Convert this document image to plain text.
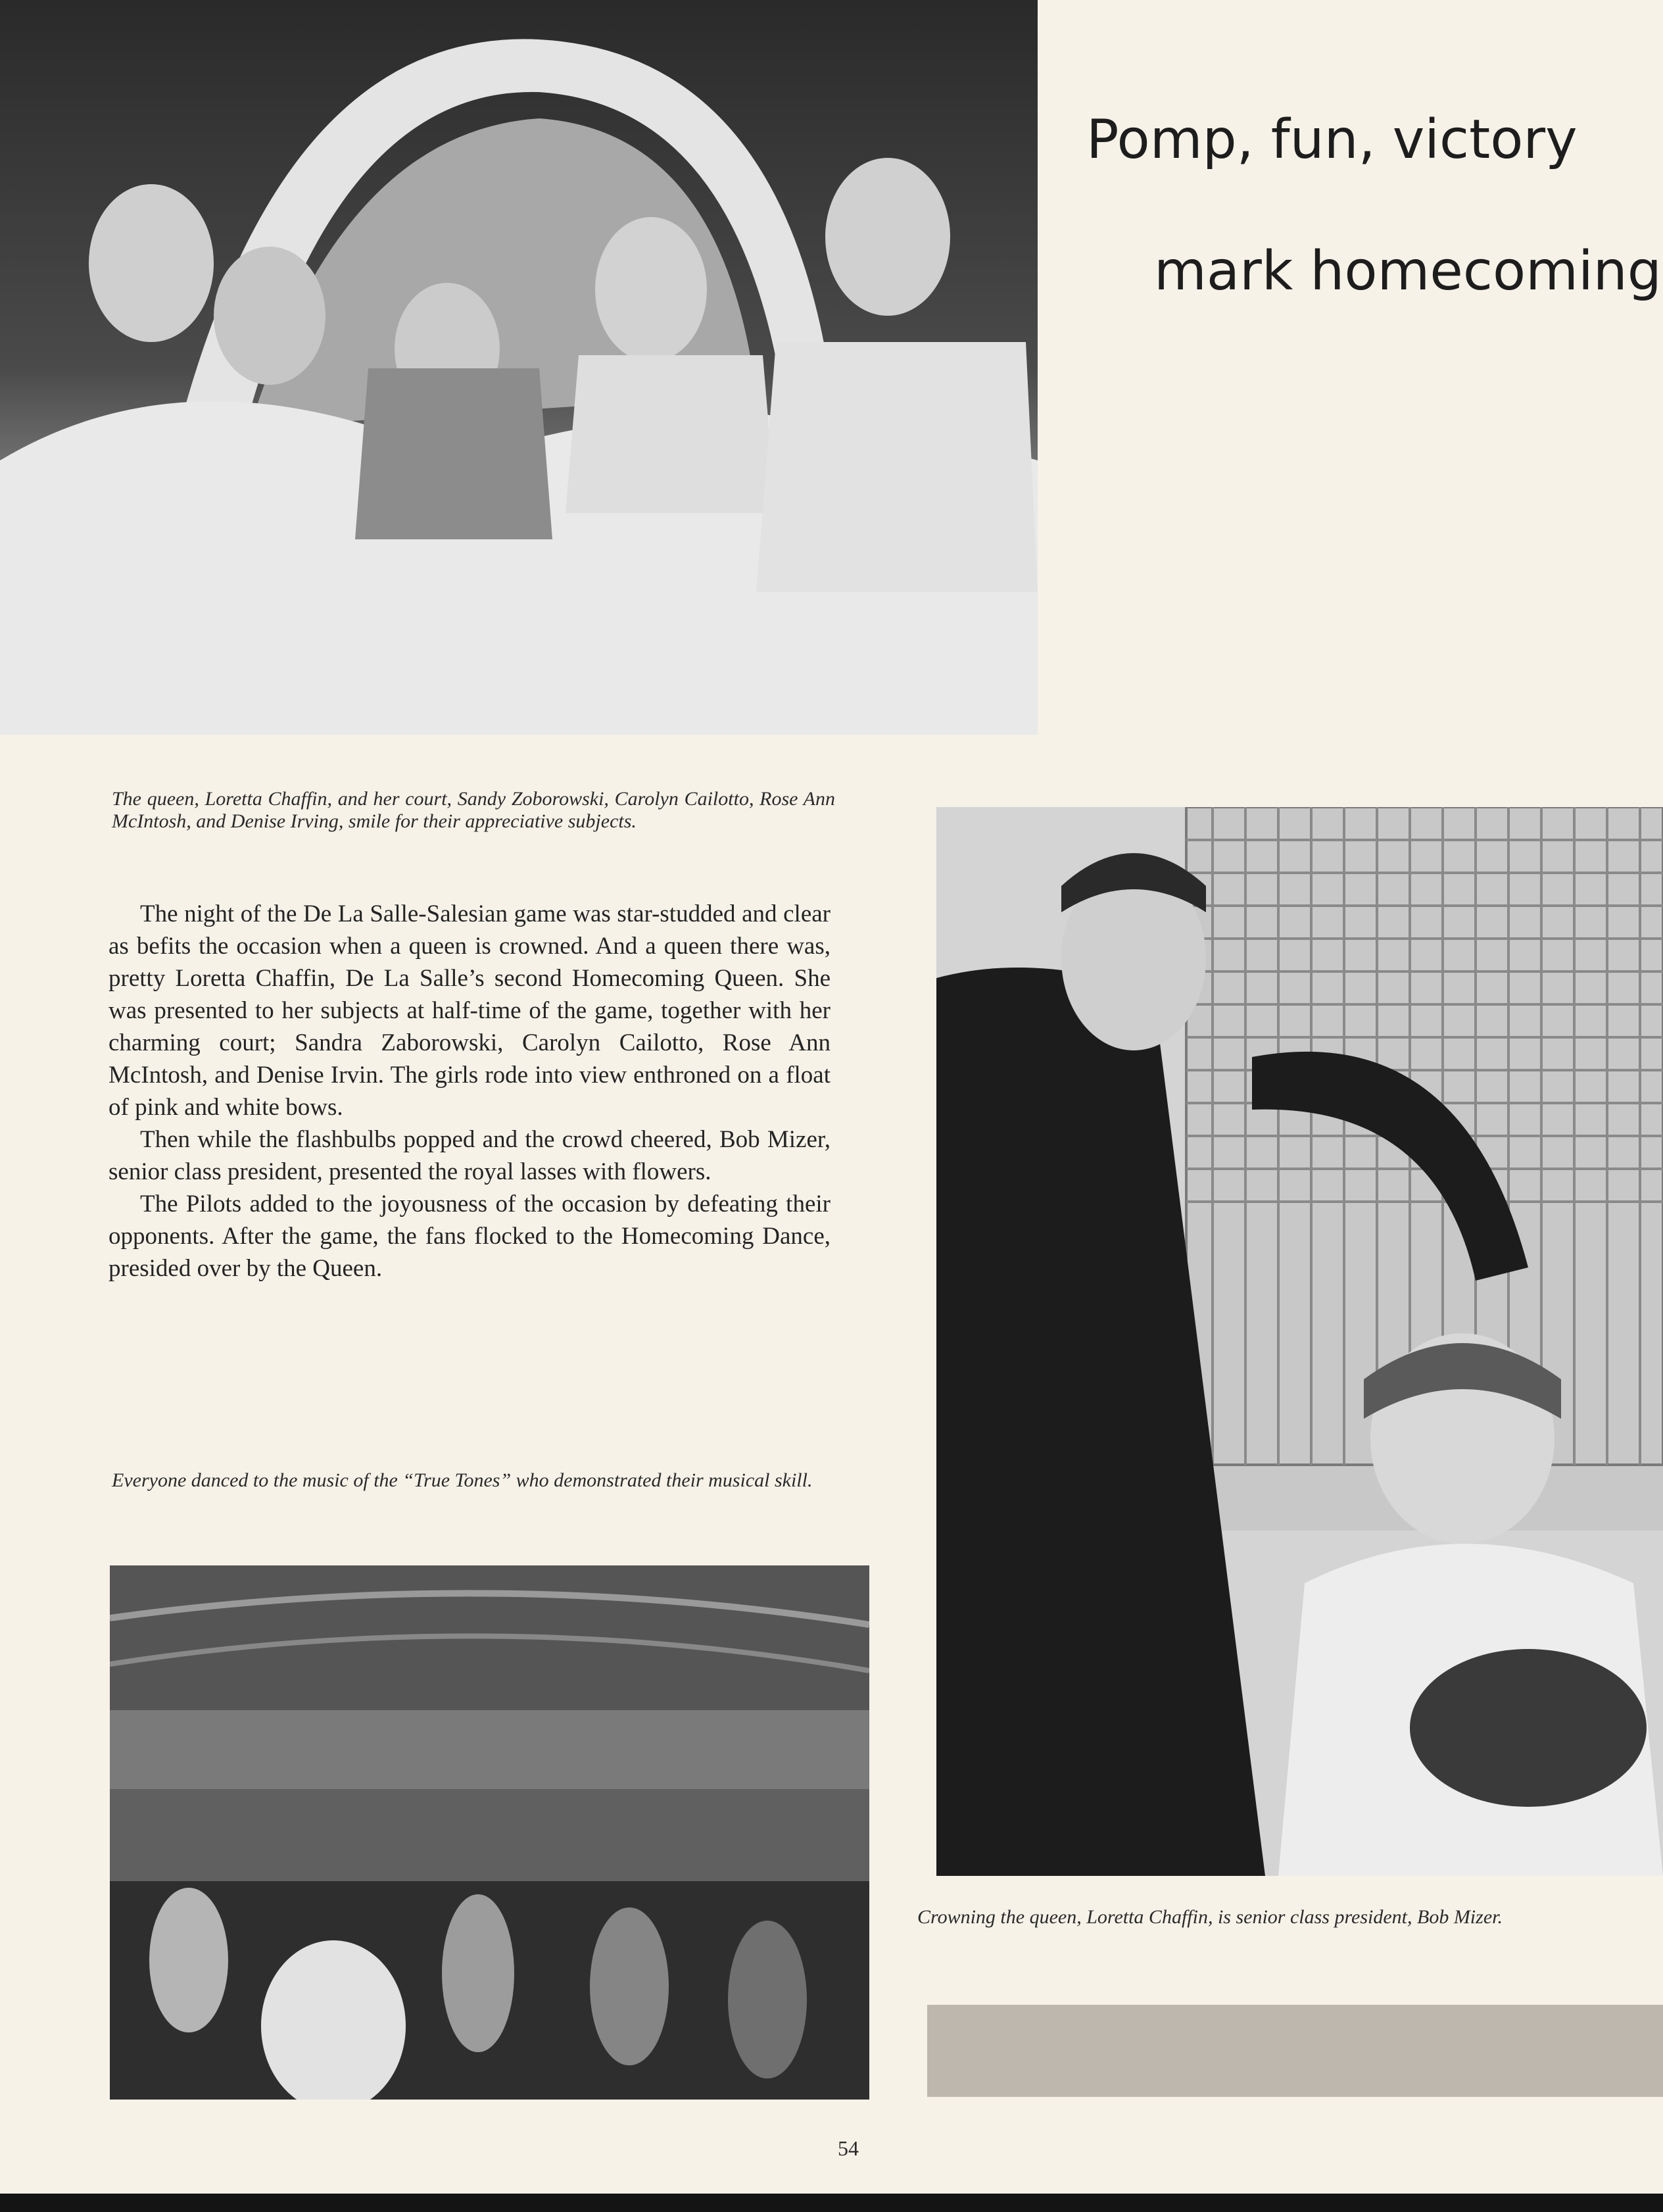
Pomp, fun, victory
mark homecoming
The queen, Loretta Chaffin, and her court, Sandy Zoborowski, Carolyn Cailotto, Rose Ann McIntosh, and Denise Irving, smile for their appreciative subjects.

The night of the De La Salle-Salesian game was star-studded and clear as befits the occasion when a queen is crowned. And a queen there was, pretty Loretta Chaffin, De La Salle’s second Homecoming Queen. She was presented to her subjects at half-time of the game, together with her charming court; Sandra Zaborowski, Carolyn Cailotto, Rose Ann McIntosh, and Denise Irvin. The girls rode into view enthroned on a float of pink and white bows.

Then while the flashbulbs popped and the crowd cheered, Bob Mizer, senior class president, presented the royal lasses with flowers.

The Pilots added to the joyousness of the occasion by defeating their opponents. After the game, the fans flocked to the Homecoming Dance, presided over by the Queen.

Everyone danced to the music of the “True Tones” who demonstrated their musical skill.
Crowning the queen, Loretta Chaffin, is senior class president, Bob Mizer.
54
